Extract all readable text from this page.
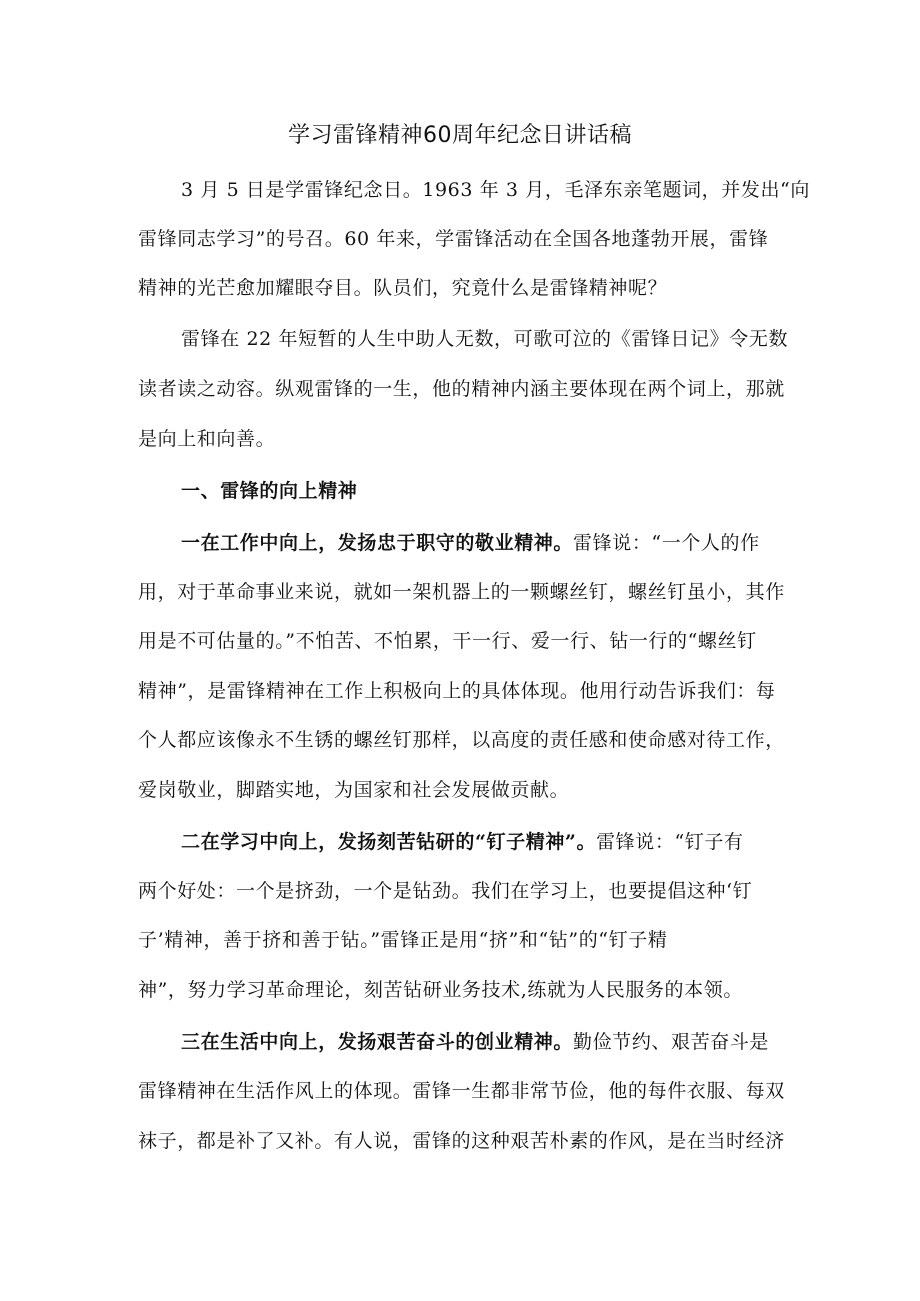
学习雷锋精神60周年纪念日讲话稿
3 月 5 日是学雷锋纪念日。1963 年 3 月，毛泽东亲笔题词，并发出“向
雷锋同志学习”的号召。60 年来，学雷锋活动在全国各地蓬勃开展，雷锋
精神的光芒愈加耀眼夺目。队员们，究竟什么是雷锋精神呢？
雷锋在 22 年短暂的人生中助人无数，可歌可泣的《雷锋日记》令无数
读者读之动容。纵观雷锋的一生，他的精神内涵主要体现在两个词上，那就
是向上和向善。
一、雷锋的向上精神
一在工作中向上，发扬忠于职守的敬业精神。雷锋说：“一个人的作
用，对于革命事业来说，就如一架机器上的一颗螺丝钉，螺丝钉虽小，其作
用是不可估量的。”不怕苦、不怕累，干一行、爱一行、钻一行的“螺丝钉
精神”，是雷锋精神在工作上积极向上的具体体现。他用行动告诉我们：每
个人都应该像永不生锈的螺丝钉那样，以高度的责任感和使命感对待工作，
爱岗敬业，脚踏实地，为国家和社会发展做贡献。
二在学习中向上，发扬刻苦钻研的“钉子精神”。雷锋说：“钉子有
两个好处：一个是挤劲，一个是钻劲。我们在学习上，也要提倡这种‘钉
子’精神，善于挤和善于钻。”雷锋正是用“挤”和“钻”的“钉子精
神”，努力学习革命理论，刻苦钻研业务技术,练就为人民服务的本领。
三在生活中向上，发扬艰苦奋斗的创业精神。勤俭节约、艰苦奋斗是
雷锋精神在生活作风上的体现。雷锋一生都非常节俭，他的每件衣服、每双
袜子，都是补了又补。有人说，雷锋的这种艰苦朴素的作风，是在当时经济
